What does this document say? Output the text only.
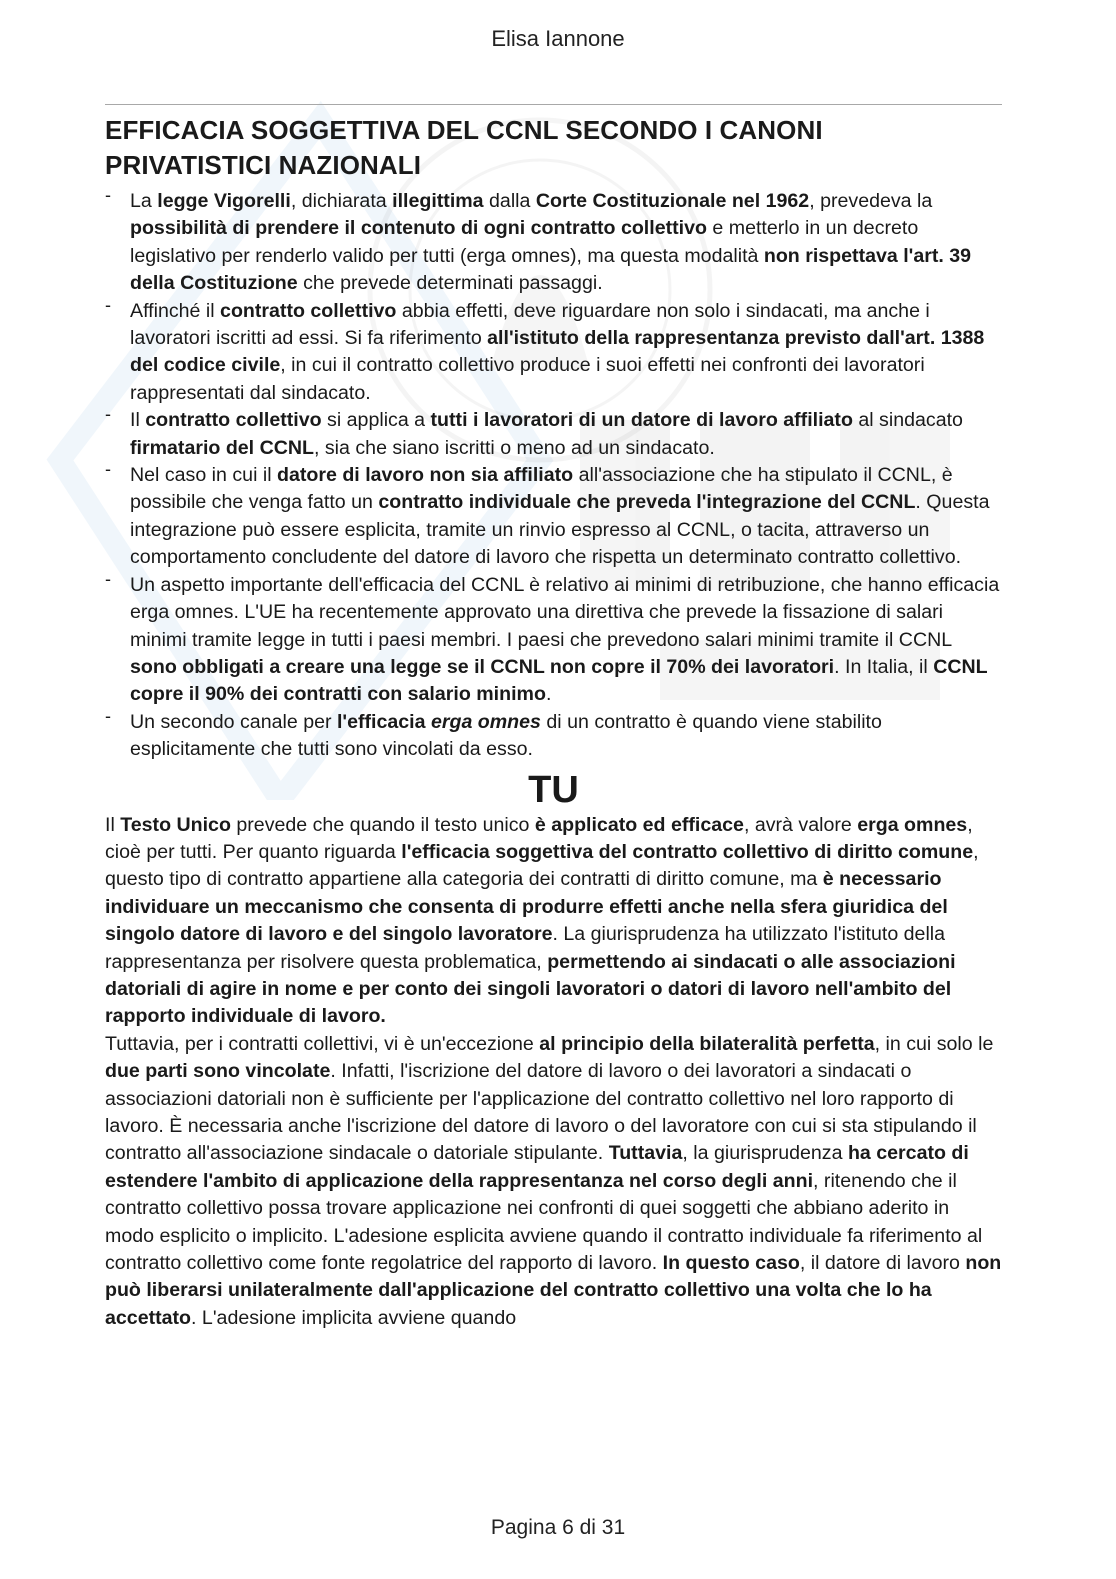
Elisa Iannone
EFFICACIA SOGGETTIVA DEL CCNL SECONDO I CANONI
PRIVATISTICI NAZIONALI
- La legge Vigorelli, dichiarata illegittima dalla Corte Costituzionale nel 1962, prevedeva la possibilità di prendere il contenuto di ogni contratto collettivo e metterlo in un decreto legislativo per renderlo valido per tutti (erga omnes), ma questa modalità non rispettava l'art. 39 della Costituzione che prevede determinati passaggi.
- Affinché il contratto collettivo abbia effetti, deve riguardare non solo i sindacati, ma anche i lavoratori iscritti ad essi. Si fa riferimento all'istituto della rappresentanza previsto dall'art. 1388 del codice civile, in cui il contratto collettivo produce i suoi effetti nei confronti dei lavoratori rappresentati dal sindacato.
- Il contratto collettivo si applica a tutti i lavoratori di un datore di lavoro affiliato al sindacato firmatario del CCNL, sia che siano iscritti o meno ad un sindacato.
- Nel caso in cui il datore di lavoro non sia affiliato all'associazione che ha stipulato il CCNL, è possibile che venga fatto un contratto individuale che preveda l'integrazione del CCNL. Questa integrazione può essere esplicita, tramite un rinvio espresso al CCNL, o tacita, attraverso un comportamento concludente del datore di lavoro che rispetta un determinato contratto collettivo.
- Un aspetto importante dell'efficacia del CCNL è relativo ai minimi di retribuzione, che hanno efficacia erga omnes. L'UE ha recentemente approvato una direttiva che prevede la fissazione di salari minimi tramite legge in tutti i paesi membri. I paesi che prevedono salari minimi tramite il CCNL sono obbligati a creare una legge se il CCNL non copre il 70% dei lavoratori. In Italia, il CCNL copre il 90% dei contratti con salario minimo.
- Un secondo canale per l'efficacia erga omnes di un contratto è quando viene stabilito esplicitamente che tutti sono vincolati da esso.
TU

Il Testo Unico prevede che quando il testo unico è applicato ed efficace, avrà valore erga omnes, cioè per tutti. Per quanto riguarda l'efficacia soggettiva del contratto collettivo di diritto comune, questo tipo di contratto appartiene alla categoria dei contratti di diritto comune, ma è necessario individuare un meccanismo che consenta di produrre effetti anche nella sfera giuridica del singolo datore di lavoro e del singolo lavoratore. La giurisprudenza ha utilizzato l'istituto della rappresentanza per risolvere questa problematica, permettendo ai sindacati o alle associazioni datoriali di agire in nome e per conto dei singoli lavoratori o datori di lavoro nell'ambito del rapporto individuale di lavoro.

Tuttavia, per i contratti collettivi, vi è un'eccezione al principio della bilateralità perfetta, in cui solo le due parti sono vincolate. Infatti, l'iscrizione del datore di lavoro o dei lavoratori a sindacati o associazioni datoriali non è sufficiente per l'applicazione del contratto collettivo nel loro rapporto di lavoro. È necessaria anche l'iscrizione del datore di lavoro o del lavoratore con cui si sta stipulando il contratto all'associazione sindacale o datoriale stipulante. Tuttavia, la giurisprudenza ha cercato di estendere l'ambito di applicazione della rappresentanza nel corso degli anni, ritenendo che il contratto collettivo possa trovare applicazione nei confronti di quei soggetti che abbiano aderito in modo esplicito o implicito. L'adesione esplicita avviene quando il contratto individuale fa riferimento al contratto collettivo come fonte regolatrice del rapporto di lavoro. In questo caso, il datore di lavoro non può liberarsi unilateralmente dall'applicazione del contratto collettivo una volta che lo ha accettato. L'adesione implicita avviene quando

Pagina 6 di 31
